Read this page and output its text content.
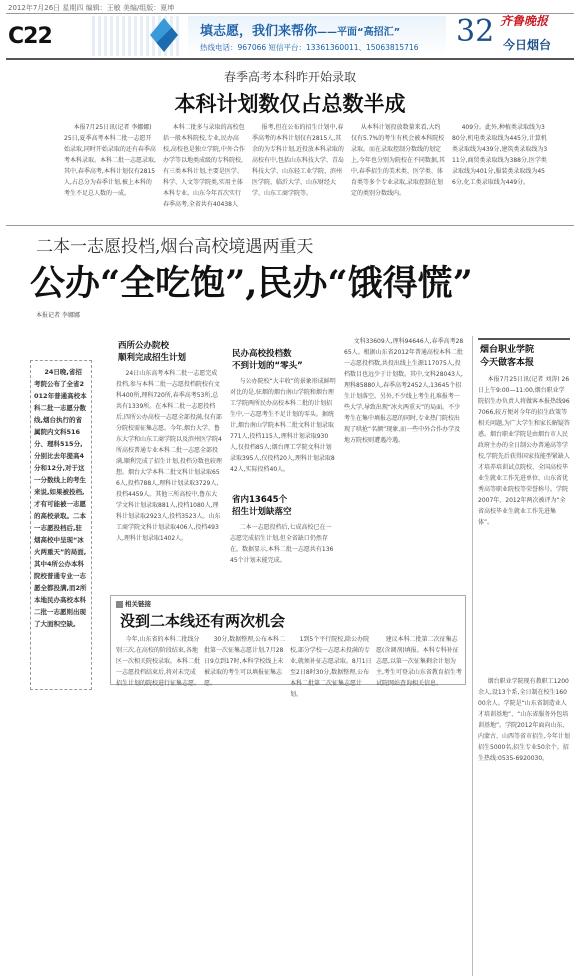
2012年7月26日 星期四 编辑：王敏 美编/组版：夏坤
C22	填志愿，我们来帮你——平面“高招汇”
热线电话：967066 短信平台：13361360011、15063815716 32 齐鲁晚报
今日烟台
春季高考本科昨开始录取
本科计划数仅占总数半成
本报7月25日讯(记者 李娜娜) 25日,夏季高考本科二批一志愿开始录取,同时开始录取的还有春季高考本科录取。本科二批一志愿录取,其中,春季高考,本科计划仅有2815人,占总分为春季计划,被上本科的考生不足总人数的一成。
本科二批多与录取的高校包括一般本科院校,专业,民办高校,高校也是独立学院,中外合作办学等以地类成级的专科院校,有三类本科计划,主要是医学、科学、人文等学院类,实用主体本科专业。山东今年首次实行春季高考,全省共有40438人
报考,但在公布的招生计划中,春季高考的本科计划仅有2815人,其余的为专科计划,近投放本科录取的高校有中,包括山东科技大学、青岛科技大学、山东轻工业学院、滨州医学院、临沂大学、山东财经大学、山东工商学院等。
从本科计划投放数量来看,大约仅有5.7%的考生有机会被本科院校录取。而在录取控制分数线的划定上,今年也分别为院校在不同数据,其中,春季招生的美术类、医学类、体育类等多个专业录取,录取控制在划定的类别分数线内。
409分。此外,种植类录取线为380分,机电类录取线为445分,计算机类录取线为439分,建筑类录取线为311分,商贸类录取线为388分,医学类录取线为401分,服装类录取线为456分,化工类录取线为449分。
二本一志愿投档,烟台高校境遇两重天
公办“全吃饱”,民办“饿得慌”
本报记者 李娜娜
24日晚,省招考院公布了全省2012年普通高校本科二批一志愿分数线,烟台执行的省属院内文科516分、理科515分,分别比去年提高4分和12分,对于这一分数线上的考生来说,如果被投档,才有可能被一志愿的高校录取。二本一志愿投档后,驻烟高校中呈现“冰火两重天”的局面,其中4所公办本科院校普通专业一志愿全都投满,而2所本地民办高校本科二批一志愿则出现了大面积空缺。
西所公办院校
顺利完成招生计划
24日山东高考本科二批一志愿完成投档,参与本科二批一志愿投档院校有文科400所,理科720所,春季高考53所,总共有1339所。在本科二批一志愿投档后,四所公办高校一志愿全部投满,仅有部分院校需征集志愿。今年,烟台大学、鲁东大学和山东工商学院以及滨州医学院4所高校普通专业本科二批一志愿全部投满,顺利完成了招生计划,投档分数也较理想。烟台大学本科二批文科计划录取656人,投档788人,理科计划录取3729人,投档4459人。其他三所高校中,鲁东大学文科计划录取881人,投档1080人,理科计划录取2923人,投档3523人。山东工商学院文科计划录取406人,投档493人,理科计划录取1402人。
民办高校投档数
不到计划的“零头”
与公办院校“大丰收”的景象形成鲜明对比的是,驻烟的烟台南山学院和烟台理工学院两所民办高校本科二批的计划招生中,一志愿考生不足计划的零头。据统计,烟台南山学院本科二批文科计划录取771人,投档115人,理科计划录取930人,仅投档85人;烟台理工学院文科计划录取395人,仅投档20人,理科计划录取842人,实际投档40人。
省内13645个
招生计划缺落空
二本一志愿投档后,七成高校已在一志愿完成招生计划,但全省缺口仍然存在。数据显示,本科二批一志愿共有13645个计划未能完成。
文科33609人,理科94646人,春季高考2865人。根据山东省2012年普通高校本科二批一志愿投档数,共投出线上生源117075人,投档数目也远少于计划数。其中,文科28043人,理科85880人,春季高考2452人,13645个招生计划落空。另外,不少线上考生扎堆报考一些大学,导致出现“冰火两重天”的局面。不少考生在集中填报志愿的同时,专业热门院校出现了哄抢“名额”现象,而一些中外合作办学及地方院校则遭遇冷遇。
烟台职业学院
今天做客本报
本报7月25日讯(记者 刘涛) 26日上午9:00—11:00,烟台职业学院招生办负责人将做客本报热线967066,较方便对今年的招生政策等相关问题,为广大学生和家长解疑答惑。烟台职业学院是由烟台市人民政府主办的全日制公办普通高等学校,学院先后获得国家技能型紧缺人才培养培训试点院校、全国高校毕业生就业工作先进单位、山东省优秀高等职业院校等荣誉称号。学院2007年、2012年两次被评为“全省高校毕业生就业工作先进集体”。
烟台职业学院现有教职工1200余人,设13个系,全日制在校生16000余人。学院是“山东省制造业人才培训基地”、“山东省服务外包培训基地”。学院2012年面向山东、内蒙古、山西等省市招生,今年计划招生5000名,招生专业50余个。招生热线:0535-6920030。
相关链接
没到二本线还有两次机会
今年,山东省的本科二批线分别三次,在高校的阶段结束,各地区一次相关院校录取。本科二批一志愿投档结束后,将对未完成招生计划的院校进行征集志愿。
30分,数据整理,公布本科二批第一次征集志愿计划,7月28日9点到17时,本科学校线上未被录取的考生可以填报征集志愿。
1到5个平行院校,除公办院校,部分学校一志愿未投满的专业,就须补征志愿录取。8月1日至2日8时30分,数据整理,公布本科二批第二次征集志愿计划。
建议本科二批第二次征集志愿(含调剂)填报。本科专科补征志愿,以第一次征集剩余计划为主,考生可登录山东省教育招生考试院网站查询相关信息。
